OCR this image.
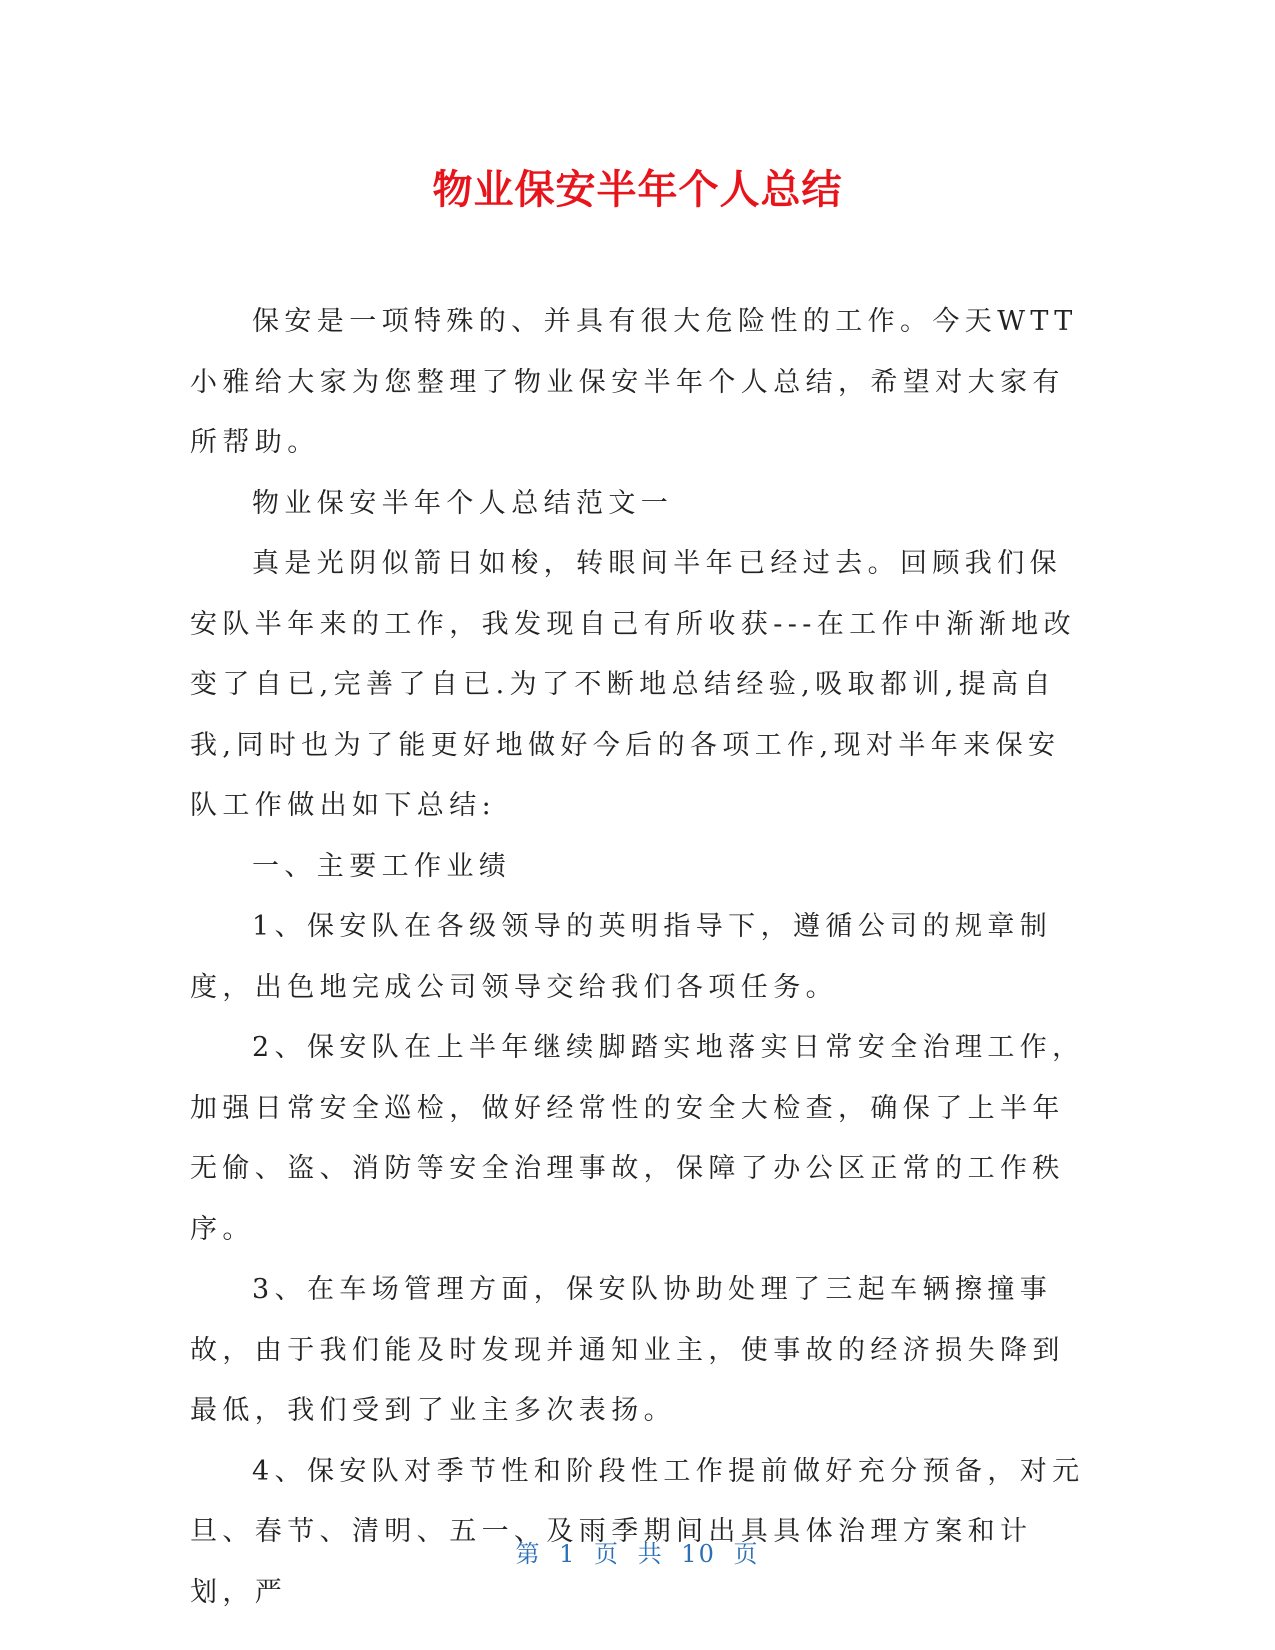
物业保安半年个人总结

保安是一项特殊的、并具有很大危险性的工作。今天WTT小雅给大家为您整理了物业保安半年个人总结，希望对大家有所帮助。

物业保安半年个人总结范文一

真是光阴似箭日如梭，转眼间半年已经过去。回顾我们保安队半年来的工作，我发现自己有所收获---在工作中渐渐地改变了自已,完善了自已.为了不断地总结经验,吸取都训,提高自我,同时也为了能更好地做好今后的各项工作,现对半年来保安队工作做出如下总结:

一、主要工作业绩

1、保安队在各级领导的英明指导下，遵循公司的规章制度，出色地完成公司领导交给我们各项任务。

2、保安队在上半年继续脚踏实地落实日常安全治理工作，加强日常安全巡检，做好经常性的安全大检查，确保了上半年无偷、盗、消防等安全治理事故，保障了办公区正常的工作秩序。

3、在车场管理方面，保安队协助处理了三起车辆擦撞事故，由于我们能及时发现并通知业主，使事故的经济损失降到最低，我们受到了业主多次表扬。

4、保安队对季节性和阶段性工作提前做好充分预备，对元旦、春节、清明、五一、及雨季期间出具具体治理方案和计划，严

第 1 页 共 10 页
